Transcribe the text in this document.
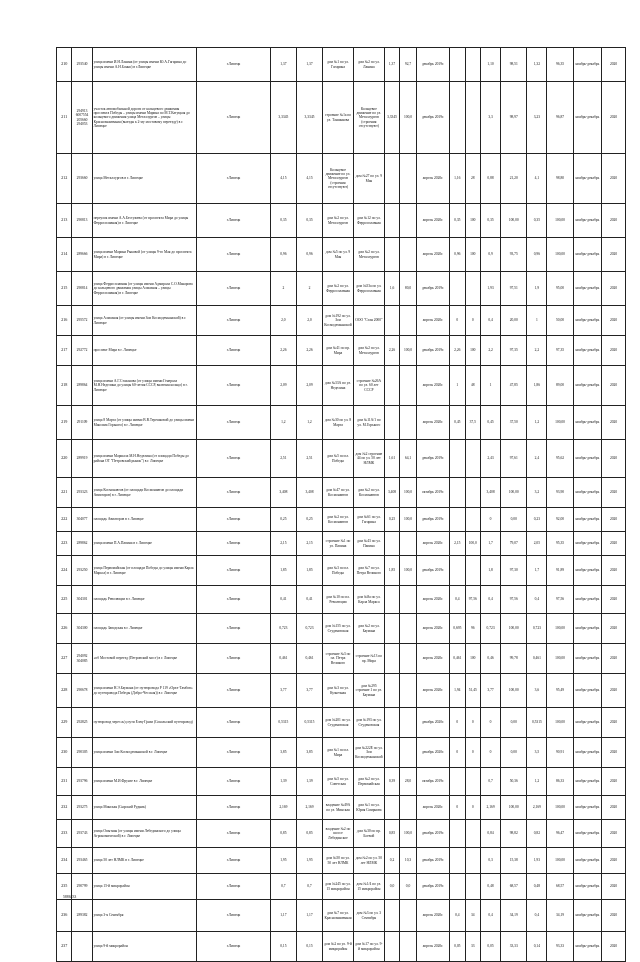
210	293540	улица имени И.Н.Ланина (от улицы имени Ю.А.Гагарина до улицы имени А.Н.Бонно) в г.Липецке	г.Липецк	1,37	1,37	дом №1 по ул. Гагарина	дом №2 по ул. Ланина	1,37	92,7	декабрь 2019г.			1,10	98,51	1,32	96,35	ноябрь-декабрь	2020
211	294913 6007554 205660 294053	участок автомобильной дороги от кольцевого движения проспекта Победы – улицы имени Марина по М.Т.Катуцкая до кольцевого движения улица Металлургов – улицы Краснознаменная (выезды к 2-му мостовому переезду) в г. Липецке	г.Липецк	3,3345	3,3345	строение №1а по ул. Таншнкова	Кольцевое движение по ул. Металлургов (строения отсутствуют)	3,3345	100,0	декабрь 2019г.			3,3	98,97	3,23	96,87	ноябрь-декабрь	2020
212	293660	улица Металлургов в г. Липецке	г.Липецк	4,15	4,15	Кольцевое движение по ул. Металлургов (строения отсутствуют)	дом №27 по ул. 9 Мая			апрель 2020г.	1,16	28	0,88	21,20	4,1	98,80	ноябрь-декабрь	2020
213	290813	переулок имени А.А.Бестужева (от проспекта Мира до улицы Ферросплавная) в г. Липецке	г.Липецк	0,35	0,35	дом №2 по ул. Металлургов	дом №12 по ул. Ферросплавная			апрель 2020г.	0,35	100	0,35	100,00	0,35	100,00	ноябрь-декабрь	2020
214	289666	улица имени Марина Рыковой (от улицы 9-го Мая до проспекта Мира) в г. Липецке	г.Липецк	0,96	0,96	дом №5 по ул. 9 Мая	дом №2 по ул. Металлургов			апрель 2020г.	0,96	100	0,9	93,75	0,96	100,00	ноябрь-декабрь	2020
215	290814	улица Ферросплавная (от улицы имени Адмирала С.О.Макарова до кольцевого движения улицы Алмазная – улицы Ферросплавная) в г. Липецке	г.Липецк	2	2	дом №2 по ул. Ферросплавная	дом №53а по ул. Ферросплавная	1,6	80,0	декабрь 2019г.			1,93	97,51	1,9	95,00	ноябрь-декабрь	2020
216	295572	улица Алмазная (от улицы имени Зои Космодемьянской) в г. Липецке	г.Липецк	2,0	2,0	дом №192 по ул. Зои Космодемьянской	ООО "Стан 2000"			апрель 2020г.	0	0	0,4	20,00	1	50,00	ноябрь-декабрь	2020
217	292772	проспект Мира в г. Липецке	г.Липецк	2,26	2,26	дом №41 по пр. Мира	дом №2 по ул. Металлургов	2,26	100,0	декабрь 2019г.	2,26	100	2,2	97,35	2,2	97,35	ноябрь-декабрь	2020
218	289864	улица имени А.Г.Стаханова (от улицы имени Генерала М.Н.Неделина до улицы 60-летия СССР, включая кольцо) в г. Липецке	г.Липецк	2,09	2,09	дом №33А по ул. Неделина	строение №26А по ул. 60 лет СССР			апрель 2020г.	1	48	1	47,85	1,86	89,00	ноябрь-декабрь	2020
219	291109	улица 8 Марта (от улицы имени В.В.Терешковой до улицы имени Максима Горького) в г. Липецке	г.Липецк	1,2	1,2	дом №30 по ул. 8 Марта	дом №11А/1 по ул. М.Горького			апрель 2020г.	0,45	37,5	0,45	37,50	1,2	100,00	ноябрь-декабрь	2020
220	289919	улица имени Маршала М.Н.Неделина (от площади Победы до района ОТ "Петровский рынок") в г. Липецке	г.Липецк	2,51	2,51	дом №5 по пл. Победы	дом №2 строение 44 по ул. 50 лет НЛМК	1,61	64,1	декабрь 2019г.			2,43	97,61	2,4	95,62	ноябрь-декабрь	2020
221	293323	улица Космонавтов (от площади Космонавтов до площади Авиаторов) в г. Липецке	г.Липецк	3,408	3,408	дом №47 по ул. Космонавтов	дом №2 по ул. Космонавтов	3,408	100,0	октябрь 2019г.			3,408	100,00	3,2	93,90	ноябрь-декабрь	2020
222	304077	площадь Авиаторов в г. Липецке	г.Липецк	0,25	0,25	дом №2 по ул. Космонавтов	дом №61 по ул. Гагарина	0,25	100,0	декабрь 2019г.			0	0,00	0,23	92,00	ноябрь-декабрь	2020
223	289862	улица имени П.А.Папина в г. Липецке	г.Липецк	2,15	2,15	строение №1 по ул. Папина	дом №43 по ул. Папина			апрель 2020г.	2,15	100,0	1,7	79,07	2,05	95,35	ноябрь-декабрь	2020
224	293250	улица Первомайская (от площади Победы до улицы имени Карла Маркса) в г. Липецке	г.Липецк	1,85	1,85	дом №3 по пл. Победы	дом №7 по ул. Петра Великого	1,85	100,0	декабрь 2019г.			1,8	97,30	1,7	91,89	ноябрь-декабрь	2020
225	304301	площадь Революции в г. Липецке	г.Липецк	0,41	0,41	дом №10 по пл. Революции	дом №8а по ул. Карла Маркса			апрель 2020г.	0,4	97,56	0,4	97,56	0,4	97,56	ноябрь-декабрь	2020
226	304300	площадь Заводская в г. Липецке	г.Липецк	0,723	0,723	дом №155 по ул. Студеновская	дом №2 по ул. Баумана			апрель 2020г.	0,695	96	0,723	100,00	0,723	100,00	ноябрь-декабрь	2020
227	294092 304085	«об Мостовой переезд (Петровский мост) в г. Липецке	г.Липецк	0,461	0,461	строение №3 по пл. Петра Великого	строение №13 по пр. Мира			апрель 2020г.	0,461	100	0,46	99,78	0,461	100,00	ноябрь-декабрь	2020
228	290678	улица имени Н.Э.Баумана (от путепровода Р 119 «Орел-Тамбов» до путепровода Победы (Добро-Чесская)) в г. Липецке	г.Липецк	3,77	3,77	дом №3 по ул. Кузнечная	дом №295 строение 1 по ул. Баумана			апрель 2020г.	1,94	51,45	3,77	100,00	3,6	95,49	ноябрь-декабрь	2020
229	292825	путепровод через ж/д пути Елец-Грязи (Сокольский путепровод)	г.Липецк	0,5315	0,5315	дом №201 по ул. Студеновская	дом №193 по ул. Студеновская			декабрь 2020г.	0	0	0	0,00	0,5315	100,00	ноябрь-декабрь	2020
230	290305	улица имени Зои Космодемьянской в г. Липецке	г.Липецк	3,85	3,85	дом №1 по пл. Мира	дом №222Е по ул. Зои Космодемьянской			декабрь 2020г.	0	0	0	0,00	3,5	90,91	ноябрь-декабрь	2020
231	293796	улица имени М.И.Фрунзе в г. Липецке	г.Липецк	1,39	1,39	дом №5 по ул. Советская	дом №2 по ул. Первомайская	0,39	28,0	октябрь 2019г.			0,7	50,36	1,2	86,33	ноябрь-декабрь	2020
232	293275	улица Минская (Сырский Рудник)	г.Липецк	2,169	2,169	владение №49А по ул. Минская	дом №1 по ул. Юрия Смирнова			апрель 2020г.	0	0	2,169	100,00	2,169	100,00	ноябрь-декабрь	2020
233	293743	улица Опытная (от улицы имени Лебединского до улицы Агрономической) в г. Липецке	г.Липецк	0,85	0,85	владение №2 по шоссе Лебединское	дом №30 по пр. Боевой	0,85	100,0	декабрь 2019г.			0,84	98,82	0,82	96,47	ноябрь-декабрь	2020
234	293465	улица 50 лет НЛМК в г. Липецке	г.Липецк	1,95	1,95	дом №50 по ул. 50 лет НЛМК	дом №2 по ул. 50 лет НЛМК	0,2	10,3	декабрь 2019г.			0,3	15,38	1,93	100,00	ноябрь-декабрь	2020
235	290799	улица 15-й микрорайон	г.Липецк	0,7	0,7	дом №245 по ул. 15 микрорайон	дом №1/4 по ул. 15 микрорайон	0,0	0,0	декабрь 2019г.			0,48	68,57	0,48	68,57	ноябрь-декабрь	2020
236	289382	улица 3-я Сентября	г.Липецк	1,17	1,17	дом №7 по ул. Краснознаменная	дом №3 по ул. 3 Сентября			апрель 2020г.	0,4	34	0,4	34,19	0,4	34,19	ноябрь-декабрь	2020
237		улица 9-й микрорайон	г.Липецк	0,15	0,15	дом №2 по ул. 9-й микрорайон	дом №17 по ул. 9-й микрорайон			апрель 2020г.	0,05	33	0,05	33,33	0,14	93,33	ноябрь-декабрь	2020
5886233
